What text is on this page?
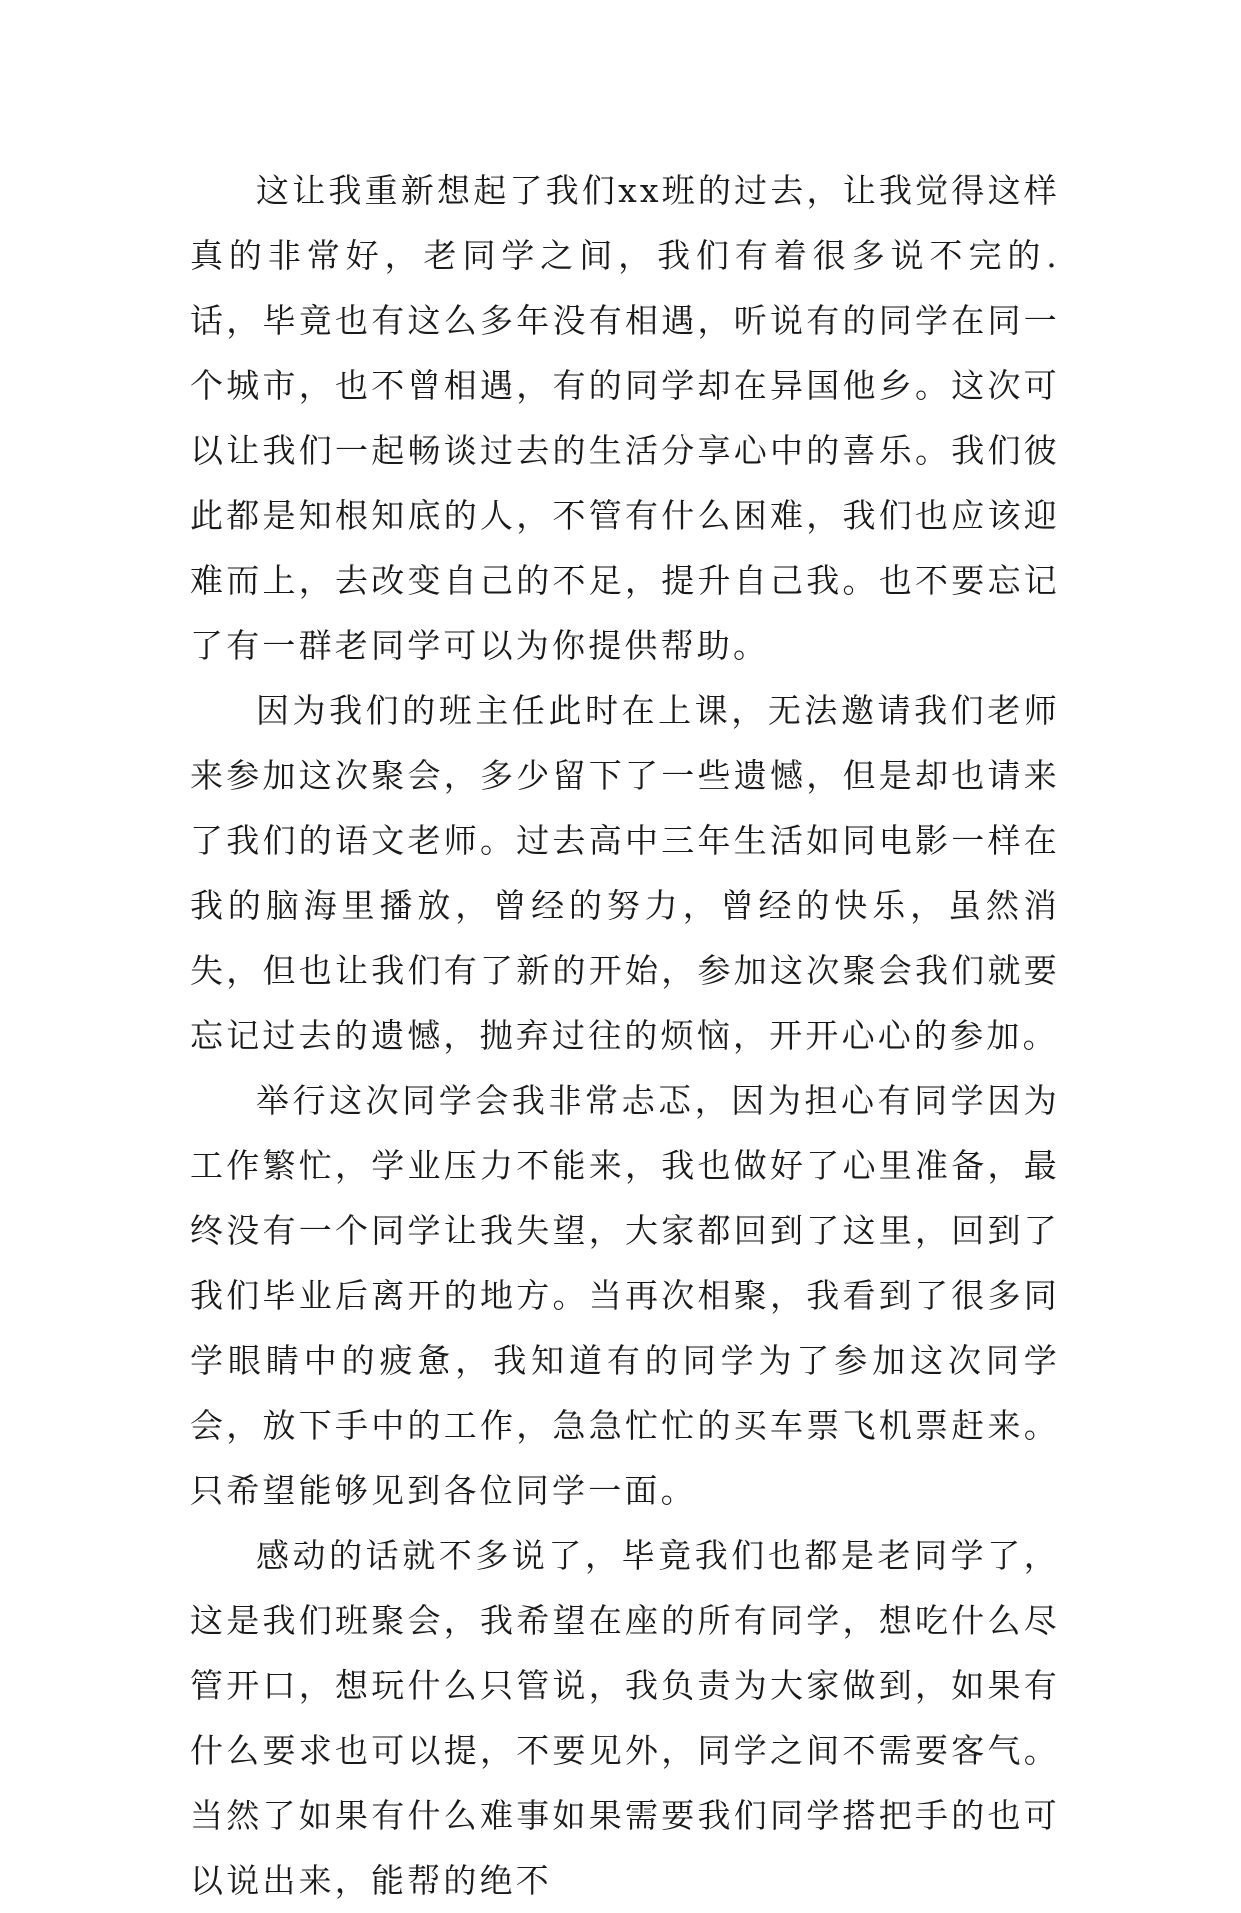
这让我重新想起了我们xx班的过去，让我觉得这样真的非常好，老同学之间，我们有着很多说不完的.话，毕竟也有这么多年没有相遇，听说有的同学在同一个城市，也不曾相遇，有的同学却在异国他乡。这次可以让我们一起畅谈过去的生活分享心中的喜乐。我们彼此都是知根知底的人，不管有什么困难，我们也应该迎难而上，去改变自己的不足，提升自己我。也不要忘记了有一群老同学可以为你提供帮助。

因为我们的班主任此时在上课，无法邀请我们老师来参加这次聚会，多少留下了一些遗憾，但是却也请来了我们的语文老师。过去高中三年生活如同电影一样在我的脑海里播放，曾经的努力，曾经的快乐，虽然消失，但也让我们有了新的开始，参加这次聚会我们就要忘记过去的遗憾，抛弃过往的烦恼，开开心心的参加。

举行这次同学会我非常忐忑，因为担心有同学因为工作繁忙，学业压力不能来，我也做好了心里准备，最终没有一个同学让我失望，大家都回到了这里，回到了我们毕业后离开的地方。当再次相聚，我看到了很多同学眼睛中的疲惫，我知道有的同学为了参加这次同学会，放下手中的工作，急急忙忙的买车票飞机票赶来。只希望能够见到各位同学一面。

感动的话就不多说了，毕竟我们也都是老同学了，这是我们班聚会，我希望在座的所有同学，想吃什么尽管开口，想玩什么只管说，我负责为大家做到，如果有什么要求也可以提，不要见外，同学之间不需要客气。当然了如果有什么难事如果需要我们同学搭把手的也可以说出来，能帮的绝不
